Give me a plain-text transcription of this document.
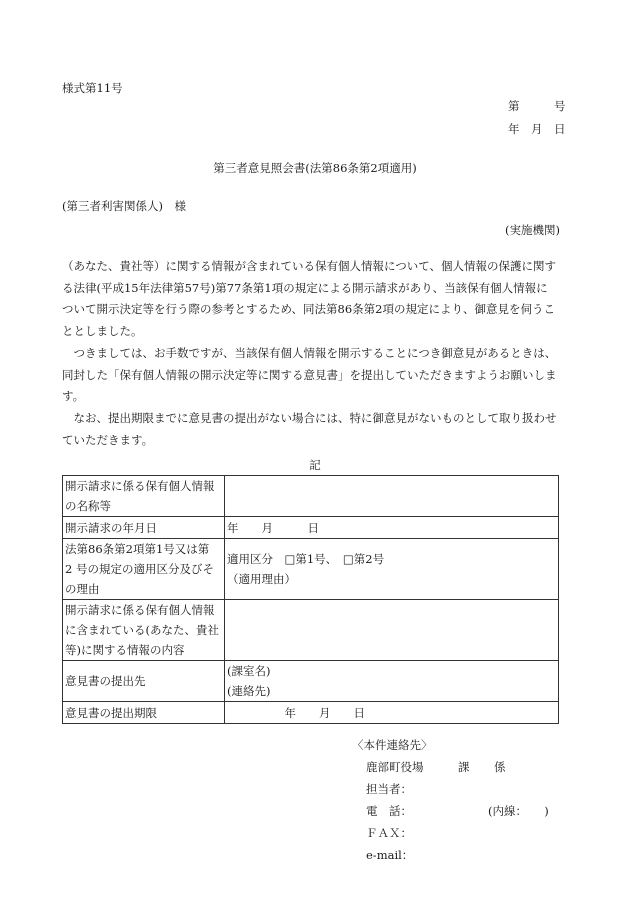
様式第11号
第　　　号
年　月　日
第三者意見照会書(法第86条第2項適用)
(第三者利害関係人)　様
(実施機関)
（あなた、貴社等）に関する情報が含まれている保有個人情報について、個人情報の保護に関す
る法律(平成15年法律第57号)第77条第1項の規定による開示請求があり、当該保有個人情報に
ついて開示決定等を行う際の参考とするため、同法第86条第2項の規定により、御意見を伺うこ
ととしました。
　つきましては、お手数ですが、当該保有個人情報を開示することにつき御意見があるときは、
同封した「保有個人情報の開示決定等に関する意見書」を提出していただきますようお願いしま
す。
　なお、提出期限までに意見書の提出がない場合には、特に御意見がないものとして取り扱わせ
ていただきます。
記
開示請求に係る保有個人情報
の名称等	

開示請求の年月日	年　　月　　　日

法第86条第2項第1号又は第
2 号の規定の適用区分及びそ
の理由	適用区分　□第1号、　□第2号
（適用理由）

開示請求に係る保有個人情報
に含まれている(あなた、貴社
等)に関する情報の内容	

意見書の提出先	(課室名)
(連絡先)

意見書の提出期限	　　　　　年　　月　　日
〈本件連絡先〉
鹿部町役場	課 係
担当者：
電　話：	(内線：　　)
ＦＡＸ：
e-mail：
